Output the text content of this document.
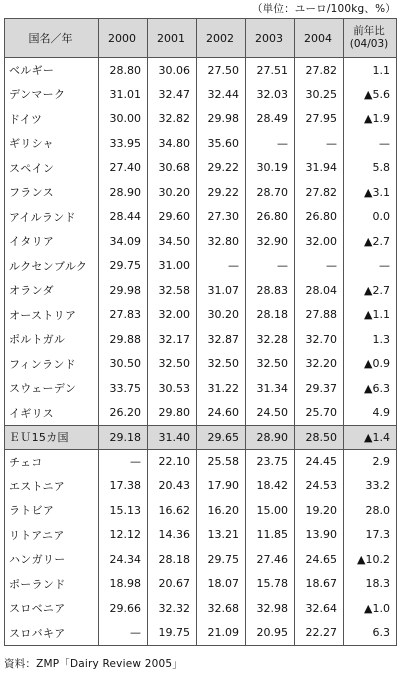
（単位：ユーロ/100kg、%）
国名／年	2000	2001	2002	2003	2004	前年比
(04/03)
ベルギー	28.80	30.06	27.50	27.51	27.82	1.1
デンマーク	31.01	32.47	32.44	32.03	30.25	▲5.6
ドイツ	30.00	32.82	29.98	28.49	27.95	▲1.9
ギリシャ	33.95	34.80	35.60	—	—	—
スペイン	27.40	30.68	29.22	30.19	31.94	5.8
フランス	28.90	30.20	29.22	28.70	27.82	▲3.1
アイルランド	28.44	29.60	27.30	26.80	26.80	0.0
イタリア	34.09	34.50	32.80	32.90	32.00	▲2.7
ルクセンブルク	29.75	31.00	—	—	—	—
オランダ	29.98	32.58	31.07	28.83	28.04	▲2.7
オーストリア	27.83	32.00	30.20	28.18	27.88	▲1.1
ポルトガル	29.88	32.17	32.87	32.28	32.70	1.3
フィンランド	30.50	32.50	32.50	32.50	32.20	▲0.9
スウェーデン	33.75	30.53	31.22	31.34	29.37	▲6.3
イギリス	26.20	29.80	24.60	24.50	25.70	4.9
ＥＵ15カ国	29.18	31.40	29.65	28.90	28.50	▲1.4
チェコ	—	22.10	25.58	23.75	24.45	2.9
エストニア	17.38	20.43	17.90	18.42	24.53	33.2
ラトビア	15.13	16.62	16.20	15.00	19.20	28.0
リトアニア	12.12	14.36	13.21	11.85	13.90	17.3
ハンガリー	24.34	28.18	29.75	27.46	24.65	▲10.2
ポーランド	18.98	20.67	18.07	15.78	18.67	18.3
スロベニア	29.66	32.32	32.68	32.98	32.64	▲1.0
スロバキア	—	19.75	21.09	20.95	22.27	6.3
資料：ZMP「Dairy Review 2005」
